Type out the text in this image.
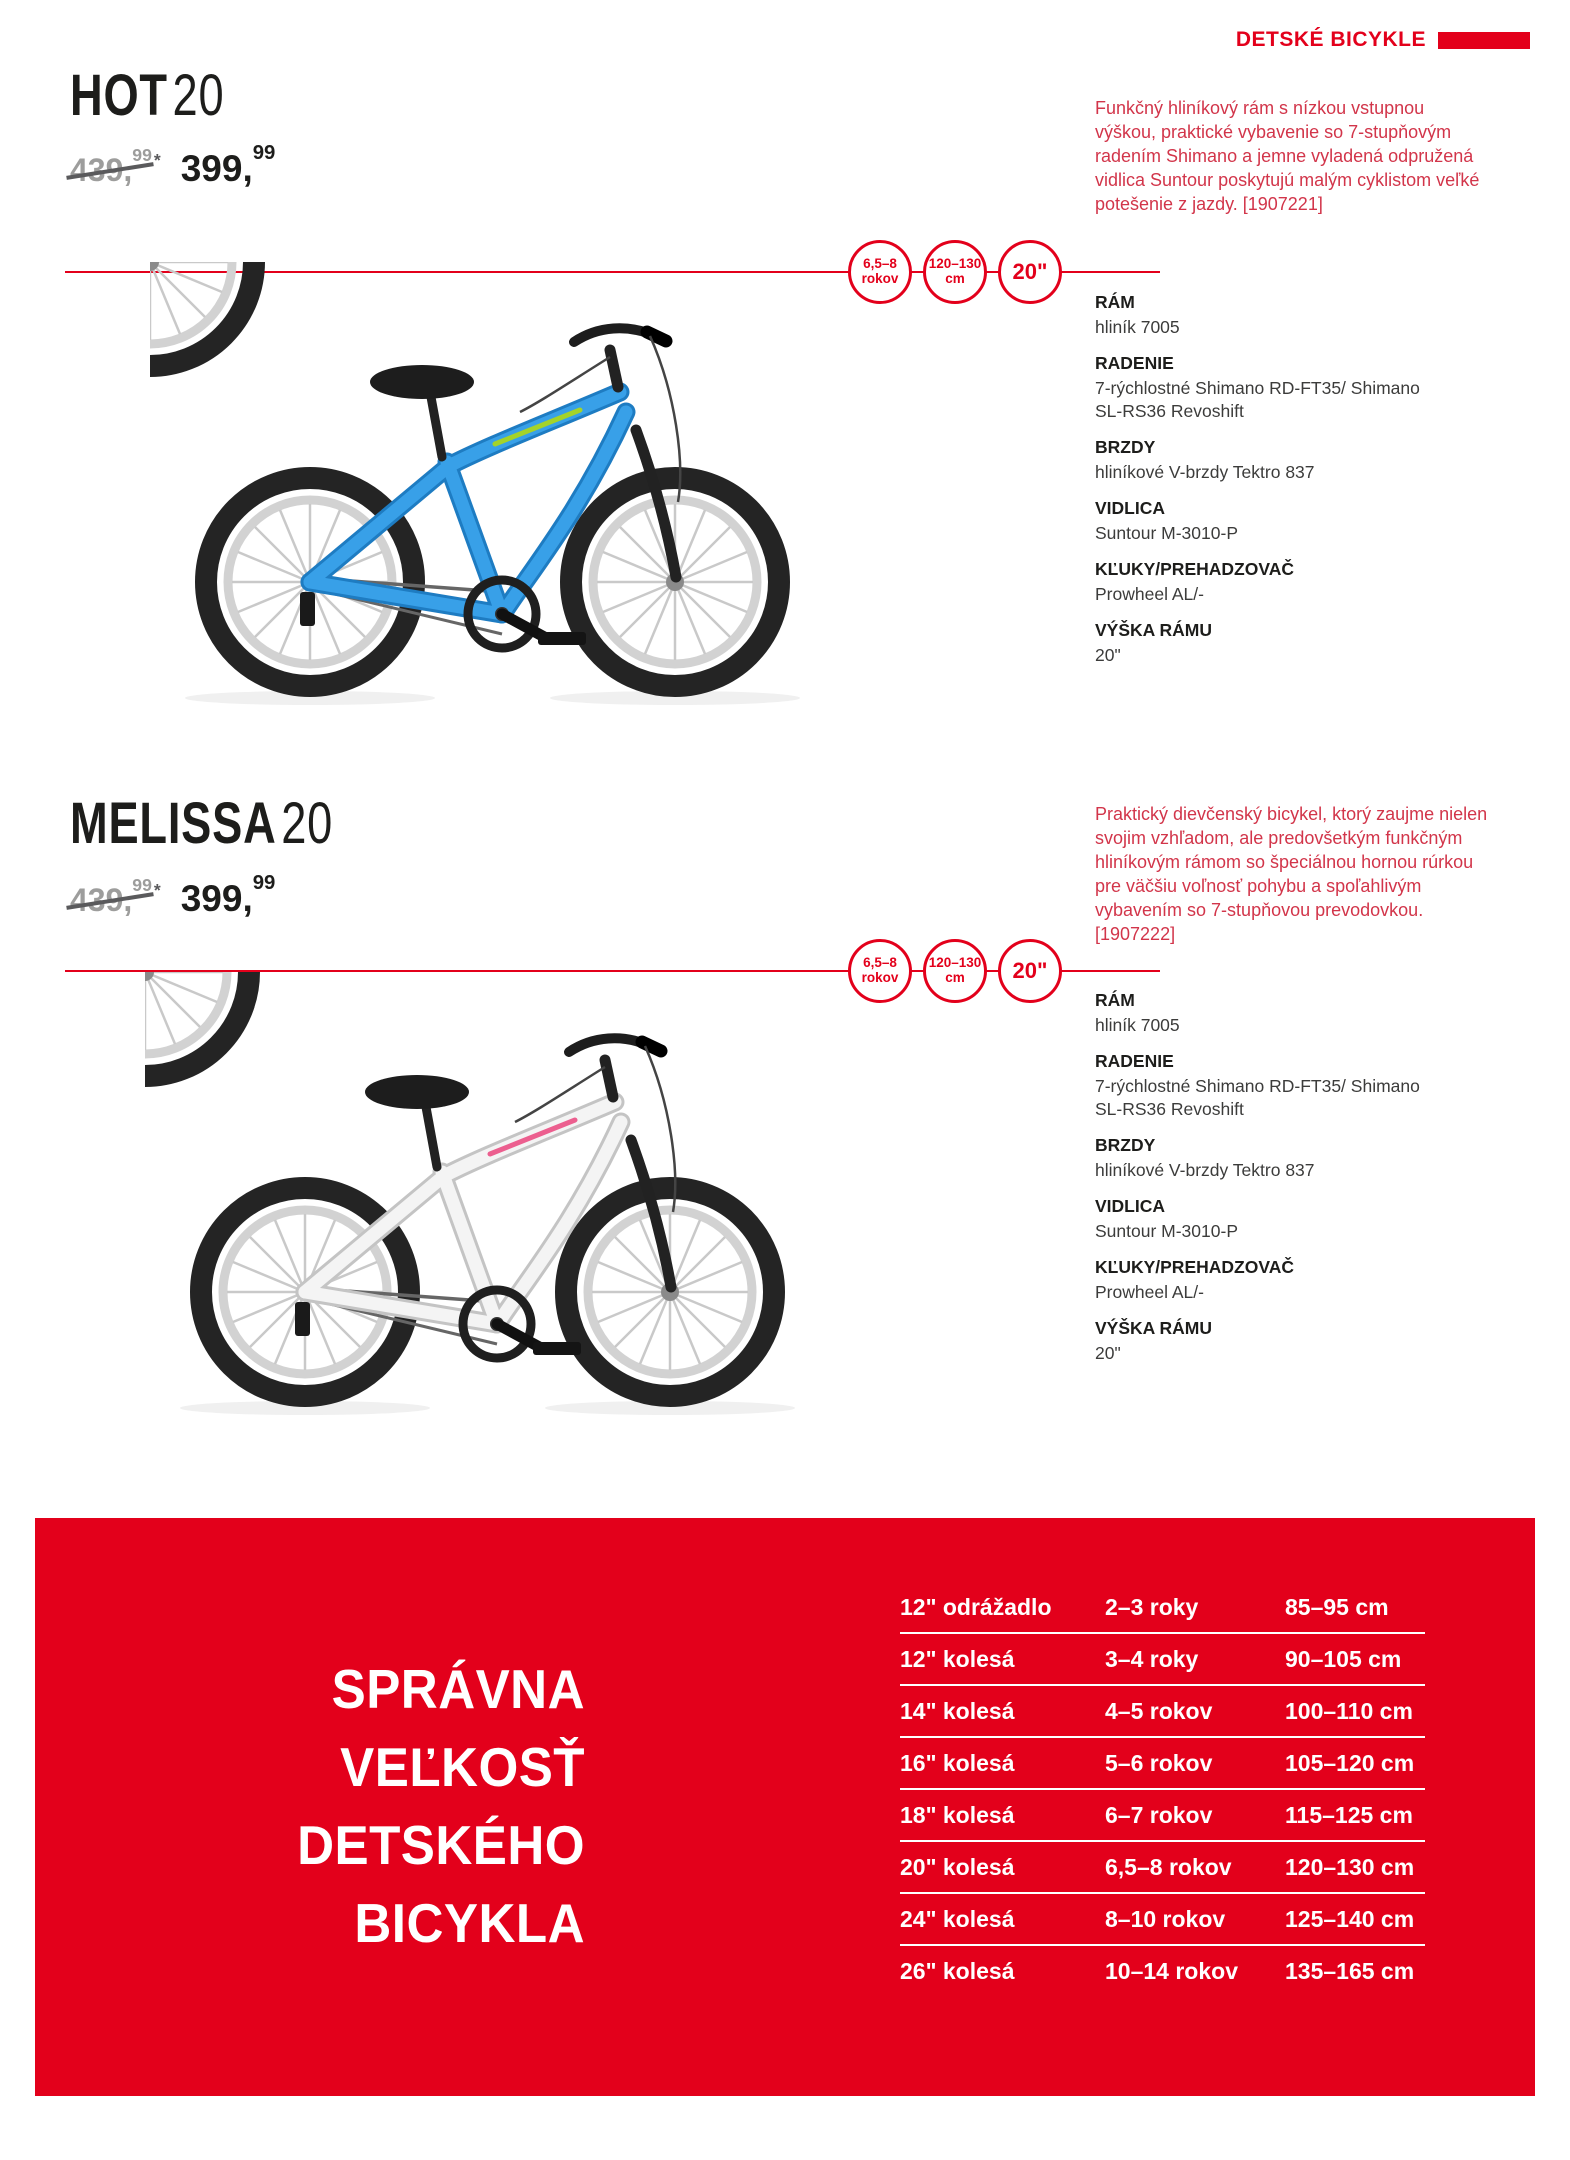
DETSKÉ BICYKLE
HOT20
439,99 * 399,99

Funkčný hliníkový rám s nízkou vstupnou výškou, praktické vybavenie so 7-stupňovým radením Shimano a jemne vyladená odpružená vidlica Suntour poskytujú malým cyklistom veľké potešenie z jazdy. [1907221]

6,5–8
rokov
120–130
cm 20"
RÁM
hliník 7005
RADENIE
7-rýchlostné Shimano RD-FT35/ Shimano SL-RS36 Revoshift
BRZDY
hliníkové V-brzdy Tektro 837
VIDLICA
Suntour M-3010-P
KĽUKY/PREHADZOVAČ
Prowheel AL/-
VÝŠKA RÁMU
20"
MELISSA20
439,99 * 399,99

Praktický dievčenský bicykel, ktorý zaujme nielen svojim vzhľadom, ale predovšetkým funkčným hliníkovým rámom so špeciálnou hornou rúrkou pre väčšiu voľnosť pohybu a spoľahlivým vybavením so 7-stupňovou prevodovkou. [1907222]

6,5–8
rokov
120–130
cm 20"
RÁM
hliník 7005
RADENIE
7-rýchlostné Shimano RD-FT35/ Shimano SL-RS36 Revoshift
BRZDY
hliníkové V-brzdy Tektro 837
VIDLICA
Suntour M-3010-P
KĽUKY/PREHADZOVAČ
Prowheel AL/-
VÝŠKA RÁMU
20"
SPRÁVNA
VEĽKOSŤ
DETSKÉHO
BICYKLA
12" odrážadlo	2–3 roky	85–95 cm
12" kolesá	3–4 roky	90–105 cm
14" kolesá	4–5 rokov	100–110 cm
16" kolesá	5–6 rokov	105–120 cm
18" kolesá	6–7 rokov	115–125 cm
20" kolesá	6,5–8 rokov	120–130 cm
24" kolesá	8–10 rokov	125–140 cm
26" kolesá	10–14 rokov	135–165 cm
